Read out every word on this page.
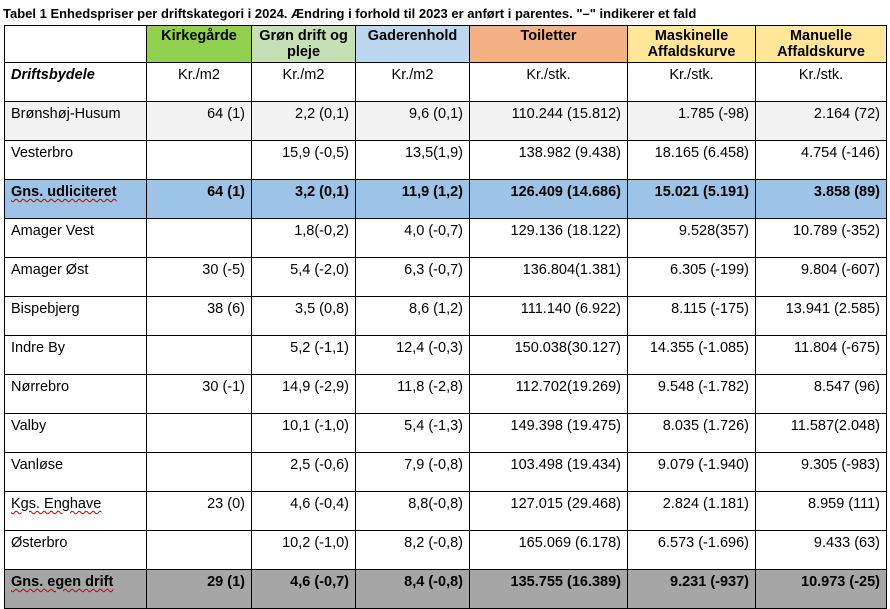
Tabel 1 Enhedspriser per driftskategori i 2024. Ændring i forhold til 2023 er anført i parentes. "–" indikerer et fald
	Kirkegårde	Grøn drift og pleje	Gaderenhold	Toiletter	Maskinelle Affaldskurve	Manuelle Affaldskurve
Driftsbydele	Kr./m2	Kr./m2	Kr./m2	Kr./stk.	Kr./stk.	Kr./stk.
Brønshøj-Husum	64 (1)	2,2 (0,1)	9,6 (0,1)	110.244 (15.812)	1.785 (-98)	2.164 (72)
Vesterbro		15,9 (-0,5)	13,5(1,9)	138.982 (9.438)	18.165 (6.458)	4.754 (-146)
Gns. udliciteret	64 (1)	3,2 (0,1)	11,9 (1,2)	126.409 (14.686)	15.021 (5.191)	3.858 (89)
Amager Vest		1,8(-0,2)	4,0 (-0,7)	129.136 (18.122)	9.528(357)	10.789 (-352)
Amager Øst	30 (-5)	5,4 (-2,0)	6,3 (-0,7)	136.804(1.381)	6.305 (-199)	9.804 (-607)
Bispebjerg	38 (6)	3,5 (0,8)	8,6 (1,2)	111.140 (6.922)	8.115 (-175)	13.941 (2.585)
Indre By		5,2 (-1,1)	12,4 (-0,3)	150.038(30.127)	14.355 (-1.085)	11.804 (-675)
Nørrebro	30 (-1)	14,9 (-2,9)	11,8 (-2,8)	112.702(19.269)	9.548 (-1.782)	8.547 (96)
Valby		10,1 (-1,0)	5,4 (-1,3)	149.398 (19.475)	8.035 (1.726)	11.587(2.048)
Vanløse		2,5 (-0,6)	7,9 (-0,8)	103.498 (19.434)	9.079 (-1.940)	9.305 (-983)
Kgs. Enghave	23 (0)	4,6 (-0,4)	8,8(-0,8)	127.015 (29.468)	2.824 (1.181)	8.959 (111)
Østerbro		10,2 (-1,0)	8,2 (-0,8)	165.069 (6.178)	6.573 (-1.696)	9.433 (63)
Gns. egen drift	29 (1)	4,6 (-0,7)	8,4 (-0,8)	135.755 (16.389)	9.231 (-937)	10.973 (-25)
